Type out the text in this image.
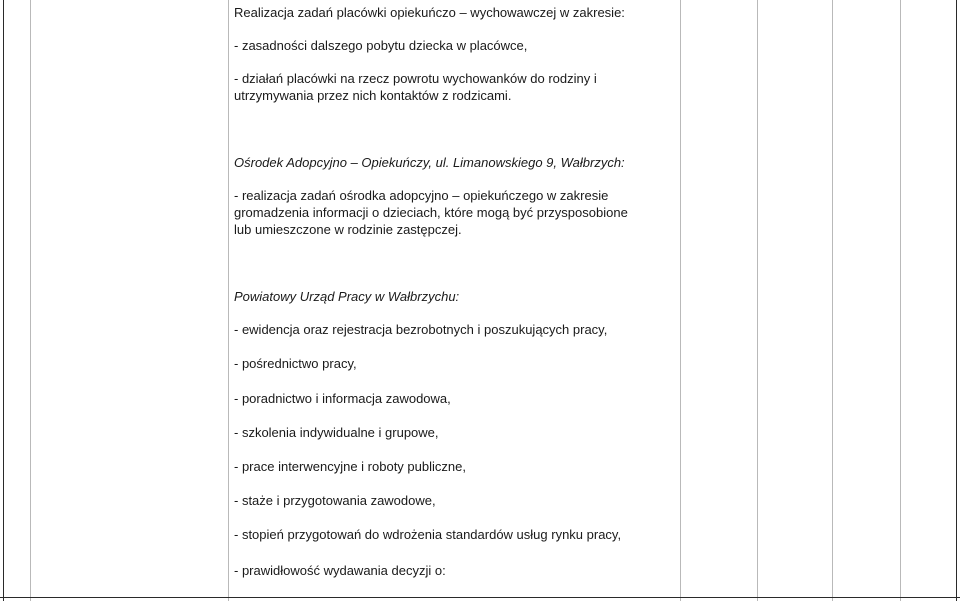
Realizacja zadań placówki opiekuńczo – wychowawczej w zakresie:
- zasadności dalszego pobytu dziecka w placówce,
- działań placówki na rzecz powrotu wychowanków do rodziny i
utrzymywania przez nich kontaktów z rodzicami.
Ośrodek Adopcyjno – Opiekuńczy, ul. Limanowskiego 9, Wałbrzych:
- realizacja zadań ośrodka adopcyjno – opiekuńczego w zakresie
gromadzenia informacji o dzieciach, które mogą być przysposobione
lub umieszczone w rodzinie zastępczej.
Powiatowy Urząd Pracy w Wałbrzychu:
- ewidencja oraz rejestracja bezrobotnych i poszukujących pracy,
- pośrednictwo pracy,
- poradnictwo i informacja zawodowa,
- szkolenia indywidualne i grupowe,
- prace interwencyjne i roboty publiczne,
- staże i przygotowania zawodowe,
- stopień przygotowań do wdrożenia standardów usług rynku pracy,
- prawidłowość wydawania decyzji o:
